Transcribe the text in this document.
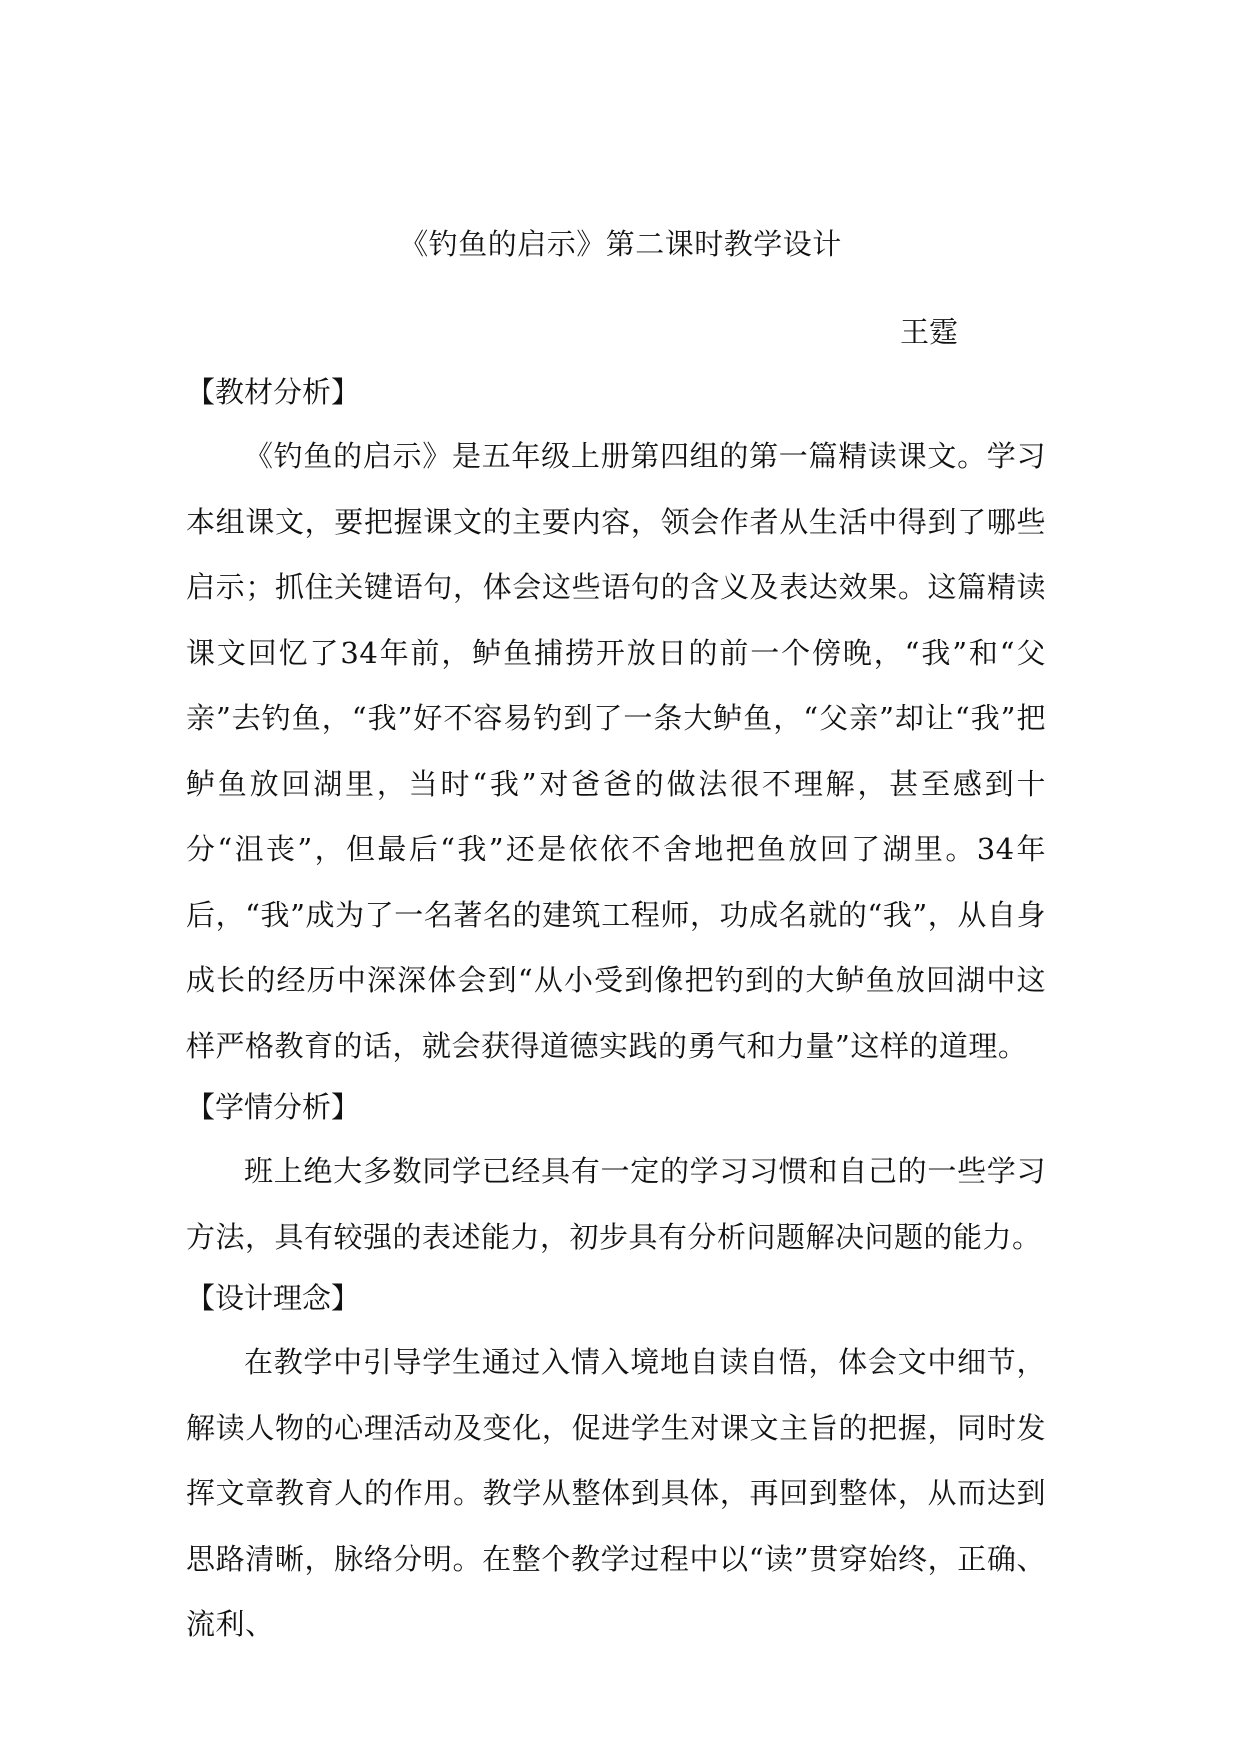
《钓鱼的启示》第二课时教学设计
王霆
【教材分析】

《钓鱼的启示》是五年级上册第四组的第一篇精读课文。学习本组课文，要把握课文的主要内容，领会作者从生活中得到了哪些启示；抓住关键语句，体会这些语句的含义及表达效果。这篇精读课文回忆了34年前，鲈鱼捕捞开放日的前一个傍晚，“我”和“父亲”去钓鱼，“我”好不容易钓到了一条大鲈鱼，“父亲”却让“我”把鲈鱼放回湖里，当时“我”对爸爸的做法很不理解，甚至感到十分“沮丧”，但最后“我”还是依依不舍地把鱼放回了湖里。34年后，“我”成为了一名著名的建筑工程师，功成名就的“我”，从自身成长的经历中深深体会到“从小受到像把钓到的大鲈鱼放回湖中这样严格教育的话，就会获得道德实践的勇气和力量”这样的道理。

【学情分析】

班上绝大多数同学已经具有一定的学习习惯和自己的一些学习方法，具有较强的表述能力，初步具有分析问题解决问题的能力。

【设计理念】

在教学中引导学生通过入情入境地自读自悟，体会文中细节，解读人物的心理活动及变化，促进学生对课文主旨的把握，同时发挥文章教育人的作用。教学从整体到具体，再回到整体，从而达到思路清晰，脉络分明。在整个教学过程中以“读”贯穿始终，正确、流利、
